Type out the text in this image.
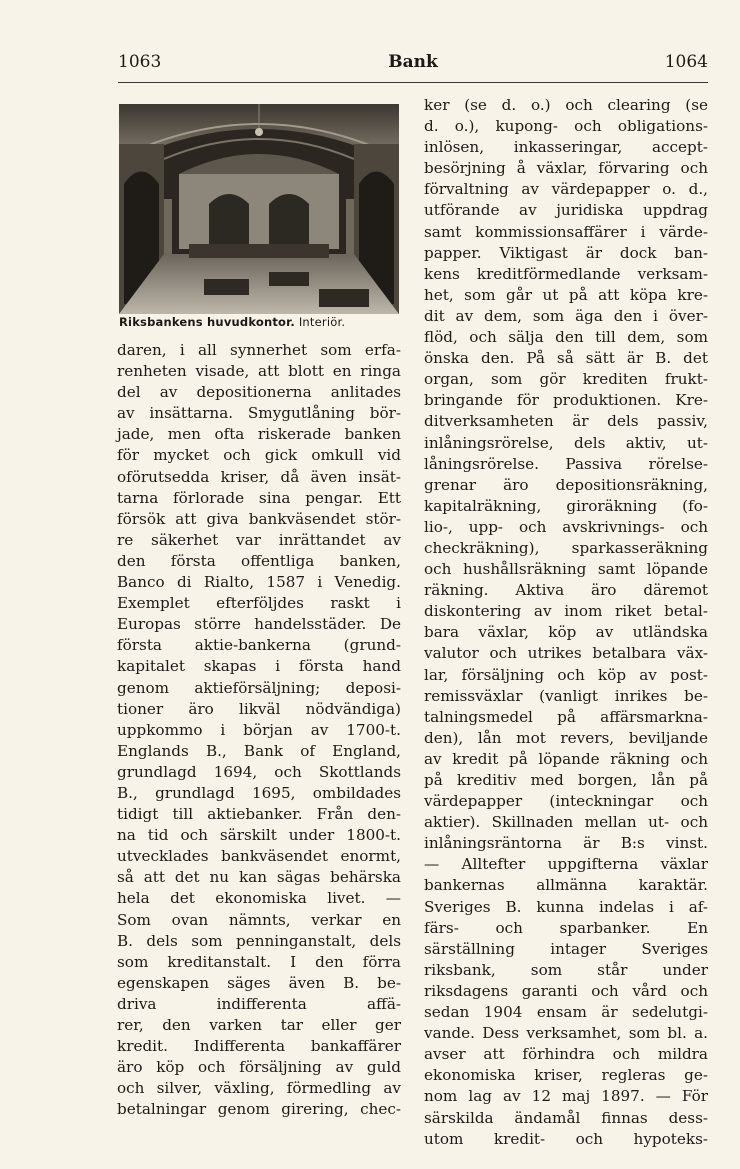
1063	Bank	1064
Riksbankens huvudkontor. Interiör.
daren, i all synnerhet som erfa-
renheten visade, att blott en ringa
del av depositionerna anlitades
av insättarna. Smygutlåning bör-
jade, men ofta riskerade banken
för mycket och gick omkull vid
oförutsedda kriser, då även insät-
tarna förlorade sina pengar. Ett
försök att giva bankväsendet stör-
re säkerhet var inrättandet av
den första offentliga banken,
Banco di Rialto, 1587 i Venedig.
Exemplet efterföljdes raskt i
Europas större handelsstäder. De
första aktie-bankerna (grund-
kapitalet skapas i första hand
genom aktieförsäljning; deposi-
tioner äro likväl nödvändiga)
uppkommo i början av 1700-t.
Englands B., Bank of England,
grundlagd 1694, och Skottlands
B., grundlagd 1695, ombildades
tidigt till aktiebanker. Från den-
na tid och särskilt under 1800-t.
utvecklades bankväsendet enormt,
så att det nu kan sägas behärska
hela det ekonomiska livet. —
Som ovan nämnts, verkar en
B. dels som penninganstalt, dels
som kreditanstalt. I den förra
egenskapen säges även B. be-
driva indifferenta affä-
rer, den varken tar eller ger
kredit. Indifferenta bankaffärer
äro köp och försäljning av guld
och silver, växling, förmedling av
betalningar genom girering, chec-
ker (se d. o.) och clearing (se
d. o.), kupong- och obligations-
inlösen, inkasseringar, accept-
besörjning å växlar, förvaring och
förvaltning av värdepapper o. d.,
utförande av juridiska uppdrag
samt kommissionsaffärer i värde-
papper. Viktigast är dock ban-
kens kreditförmedlande verksam-
het, som går ut på att köpa kre-
dit av dem, som äga den i över-
flöd, och sälja den till dem, som
önska den. På så sätt är B. det
organ, som gör krediten frukt-
bringande för produktionen. Kre-
ditverksamheten är dels passiv,
inlåningsrörelse, dels aktiv, ut-
låningsrörelse. Passiva rörelse-
grenar äro depositionsräkning,
kapitalräkning, giroräkning (fo-
lio-, upp- och avskrivnings- och
checkräkning), sparkasseräkning
och hushållsräkning samt löpande
räkning. Aktiva äro däremot
diskontering av inom riket betal-
bara växlar, köp av utländska
valutor och utrikes betalbara väx-
lar, försäljning och köp av post-
remissväxlar (vanligt inrikes be-
talningsmedel på affärsmarkna-
den), lån mot revers, beviljande
av kredit på löpande räkning och
på kreditiv med borgen, lån på
värdepapper (inteckningar och
aktier). Skillnaden mellan ut- och
inlåningsräntorna är B:s vinst.
— Alltefter uppgifterna växlar
bankernas allmänna karaktär.
Sveriges B. kunna indelas i af-
färs- och sparbanker. En
särställning intager Sveriges
riksbank, som står under
riksdagens garanti och vård och
sedan 1904 ensam är sedelutgi-
vande. Dess verksamhet, som bl. a.
avser att förhindra och mildra
ekonomiska kriser, regleras ge-
nom lag av 12 maj 1897. — För
särskilda ändamål finnas dess-
utom kredit- och hypoteks-
